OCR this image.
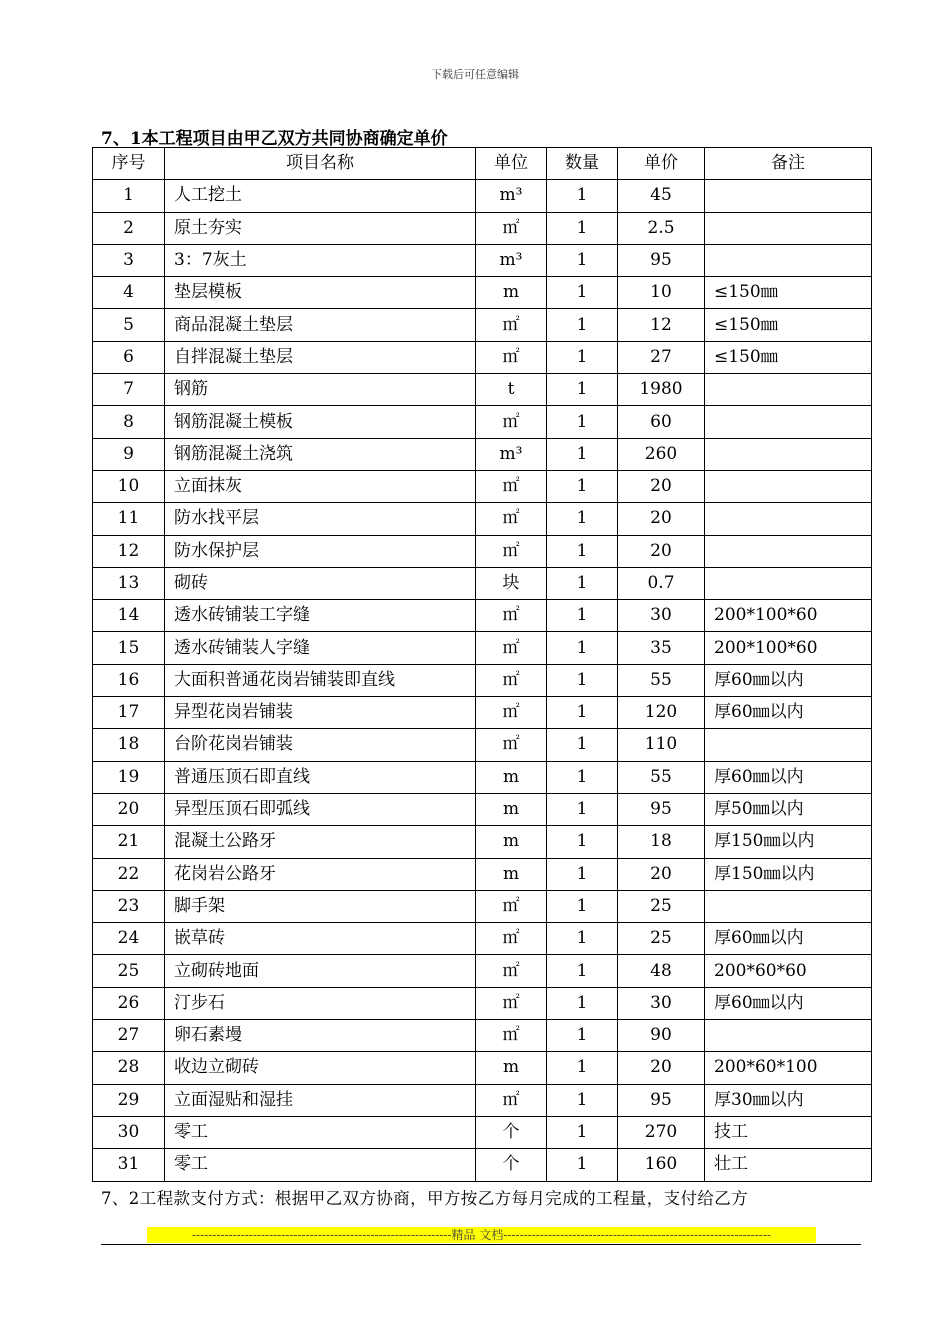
下载后可任意编辑
7、1本工程项目由甲乙双方共同协商确定单价
序号	项目名称	单位	数量	单价	备注
1	人工挖土	m³	1	45	
2	原土夯实	㎡	1	2.5	
3	3：7灰土	m³	1	95	
4	垫层模板	m	1	10	≤150㎜
5	商品混凝土垫层	㎡	1	12	≤150㎜
6	自拌混凝土垫层	㎡	1	27	≤150㎜
7	钢筋	t	1	1980	
8	钢筋混凝土模板	㎡	1	60	
9	钢筋混凝土浇筑	m³	1	260	
10	立面抹灰	㎡	1	20	
11	防水找平层	㎡	1	20	
12	防水保护层	㎡	1	20	
13	砌砖	块	1	0.7	
14	透水砖铺装工字缝	㎡	1	30	200*100*60
15	透水砖铺装人字缝	㎡	1	35	200*100*60
16	大面积普通花岗岩铺装即直线	㎡	1	55	厚60㎜以内
17	异型花岗岩铺装	㎡	1	120	厚60㎜以内
18	台阶花岗岩铺装	㎡	1	110	
19	普通压顶石即直线	m	1	55	厚60㎜以内
20	异型压顶石即弧线	m	1	95	厚50㎜以内
21	混凝土公路牙	m	1	18	厚150㎜以内
22	花岗岩公路牙	m	1	20	厚150㎜以内
23	脚手架	㎡	1	25	
24	嵌草砖	㎡	1	25	厚60㎜以内
25	立砌砖地面	㎡	1	48	200*60*60
26	汀步石	㎡	1	30	厚60㎜以内
27	卵石素墁	㎡	1	90	
28	收边立砌砖	m	1	20	200*60*100
29	立面湿贴和湿挂	㎡	1	95	厚30㎜以内
30	零工	个	1	270	技工
31	零工	个	1	160	壮工
7、2工程款支付方式：根据甲乙双方协商，甲方按乙方每月完成的工程量，支付给乙方
----------------------------------------------------------------精品 文档------------------------------------------------------------------
